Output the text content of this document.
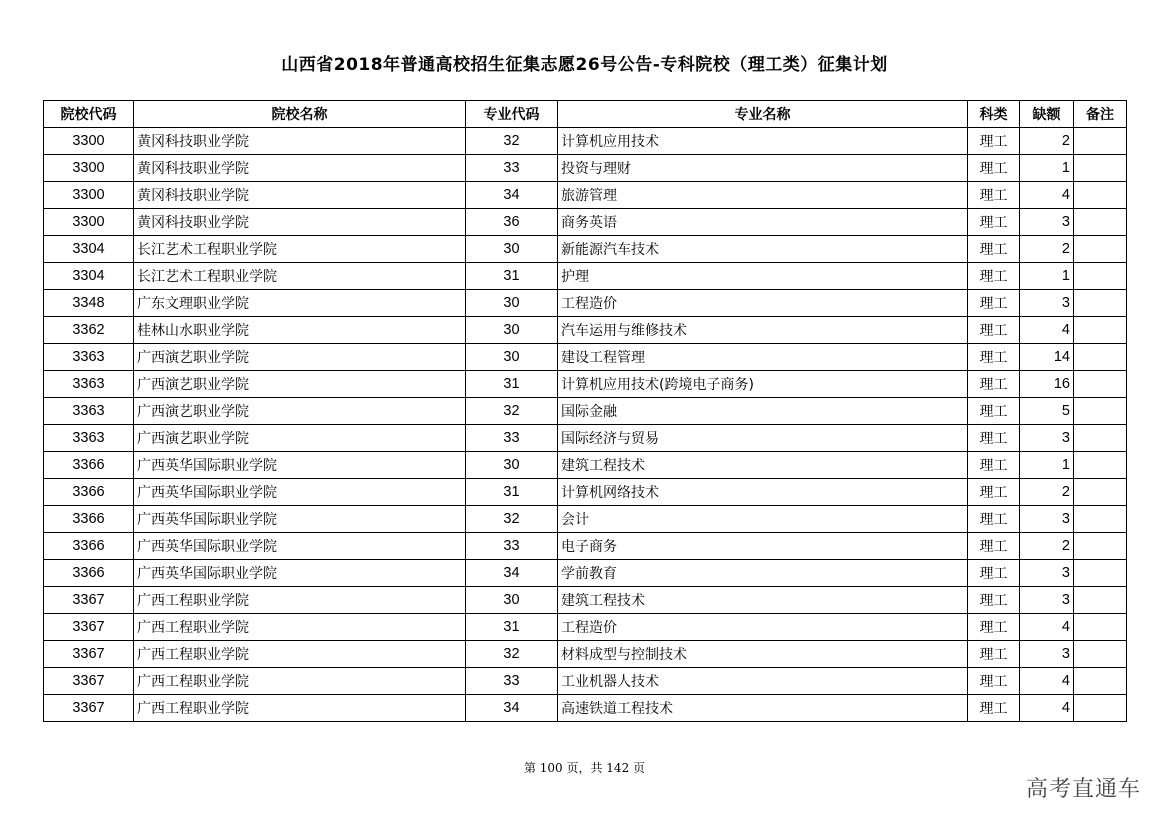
山西省2018年普通高校招生征集志愿26号公告-专科院校（理工类）征集计划
院校代码	院校名称	专业代码	专业名称	科类	缺额	备注
3300	黄冈科技职业学院	32	计算机应用技术	理工	2	
3300	黄冈科技职业学院	33	投资与理财	理工	1	
3300	黄冈科技职业学院	34	旅游管理	理工	4	
3300	黄冈科技职业学院	36	商务英语	理工	3	
3304	长江艺术工程职业学院	30	新能源汽车技术	理工	2	
3304	长江艺术工程职业学院	31	护理	理工	1	
3348	广东文理职业学院	30	工程造价	理工	3	
3362	桂林山水职业学院	30	汽车运用与维修技术	理工	4	
3363	广西演艺职业学院	30	建设工程管理	理工	14	
3363	广西演艺职业学院	31	计算机应用技术(跨境电子商务)	理工	16	
3363	广西演艺职业学院	32	国际金融	理工	5	
3363	广西演艺职业学院	33	国际经济与贸易	理工	3	
3366	广西英华国际职业学院	30	建筑工程技术	理工	1	
3366	广西英华国际职业学院	31	计算机网络技术	理工	2	
3366	广西英华国际职业学院	32	会计	理工	3	
3366	广西英华国际职业学院	33	电子商务	理工	2	
3366	广西英华国际职业学院	34	学前教育	理工	3	
3367	广西工程职业学院	30	建筑工程技术	理工	3	
3367	广西工程职业学院	31	工程造价	理工	4	
3367	广西工程职业学院	32	材料成型与控制技术	理工	3	
3367	广西工程职业学院	33	工业机器人技术	理工	4	
3367	广西工程职业学院	34	高速铁道工程技术	理工	4	
第 100 页，共 142 页
高考直通车
